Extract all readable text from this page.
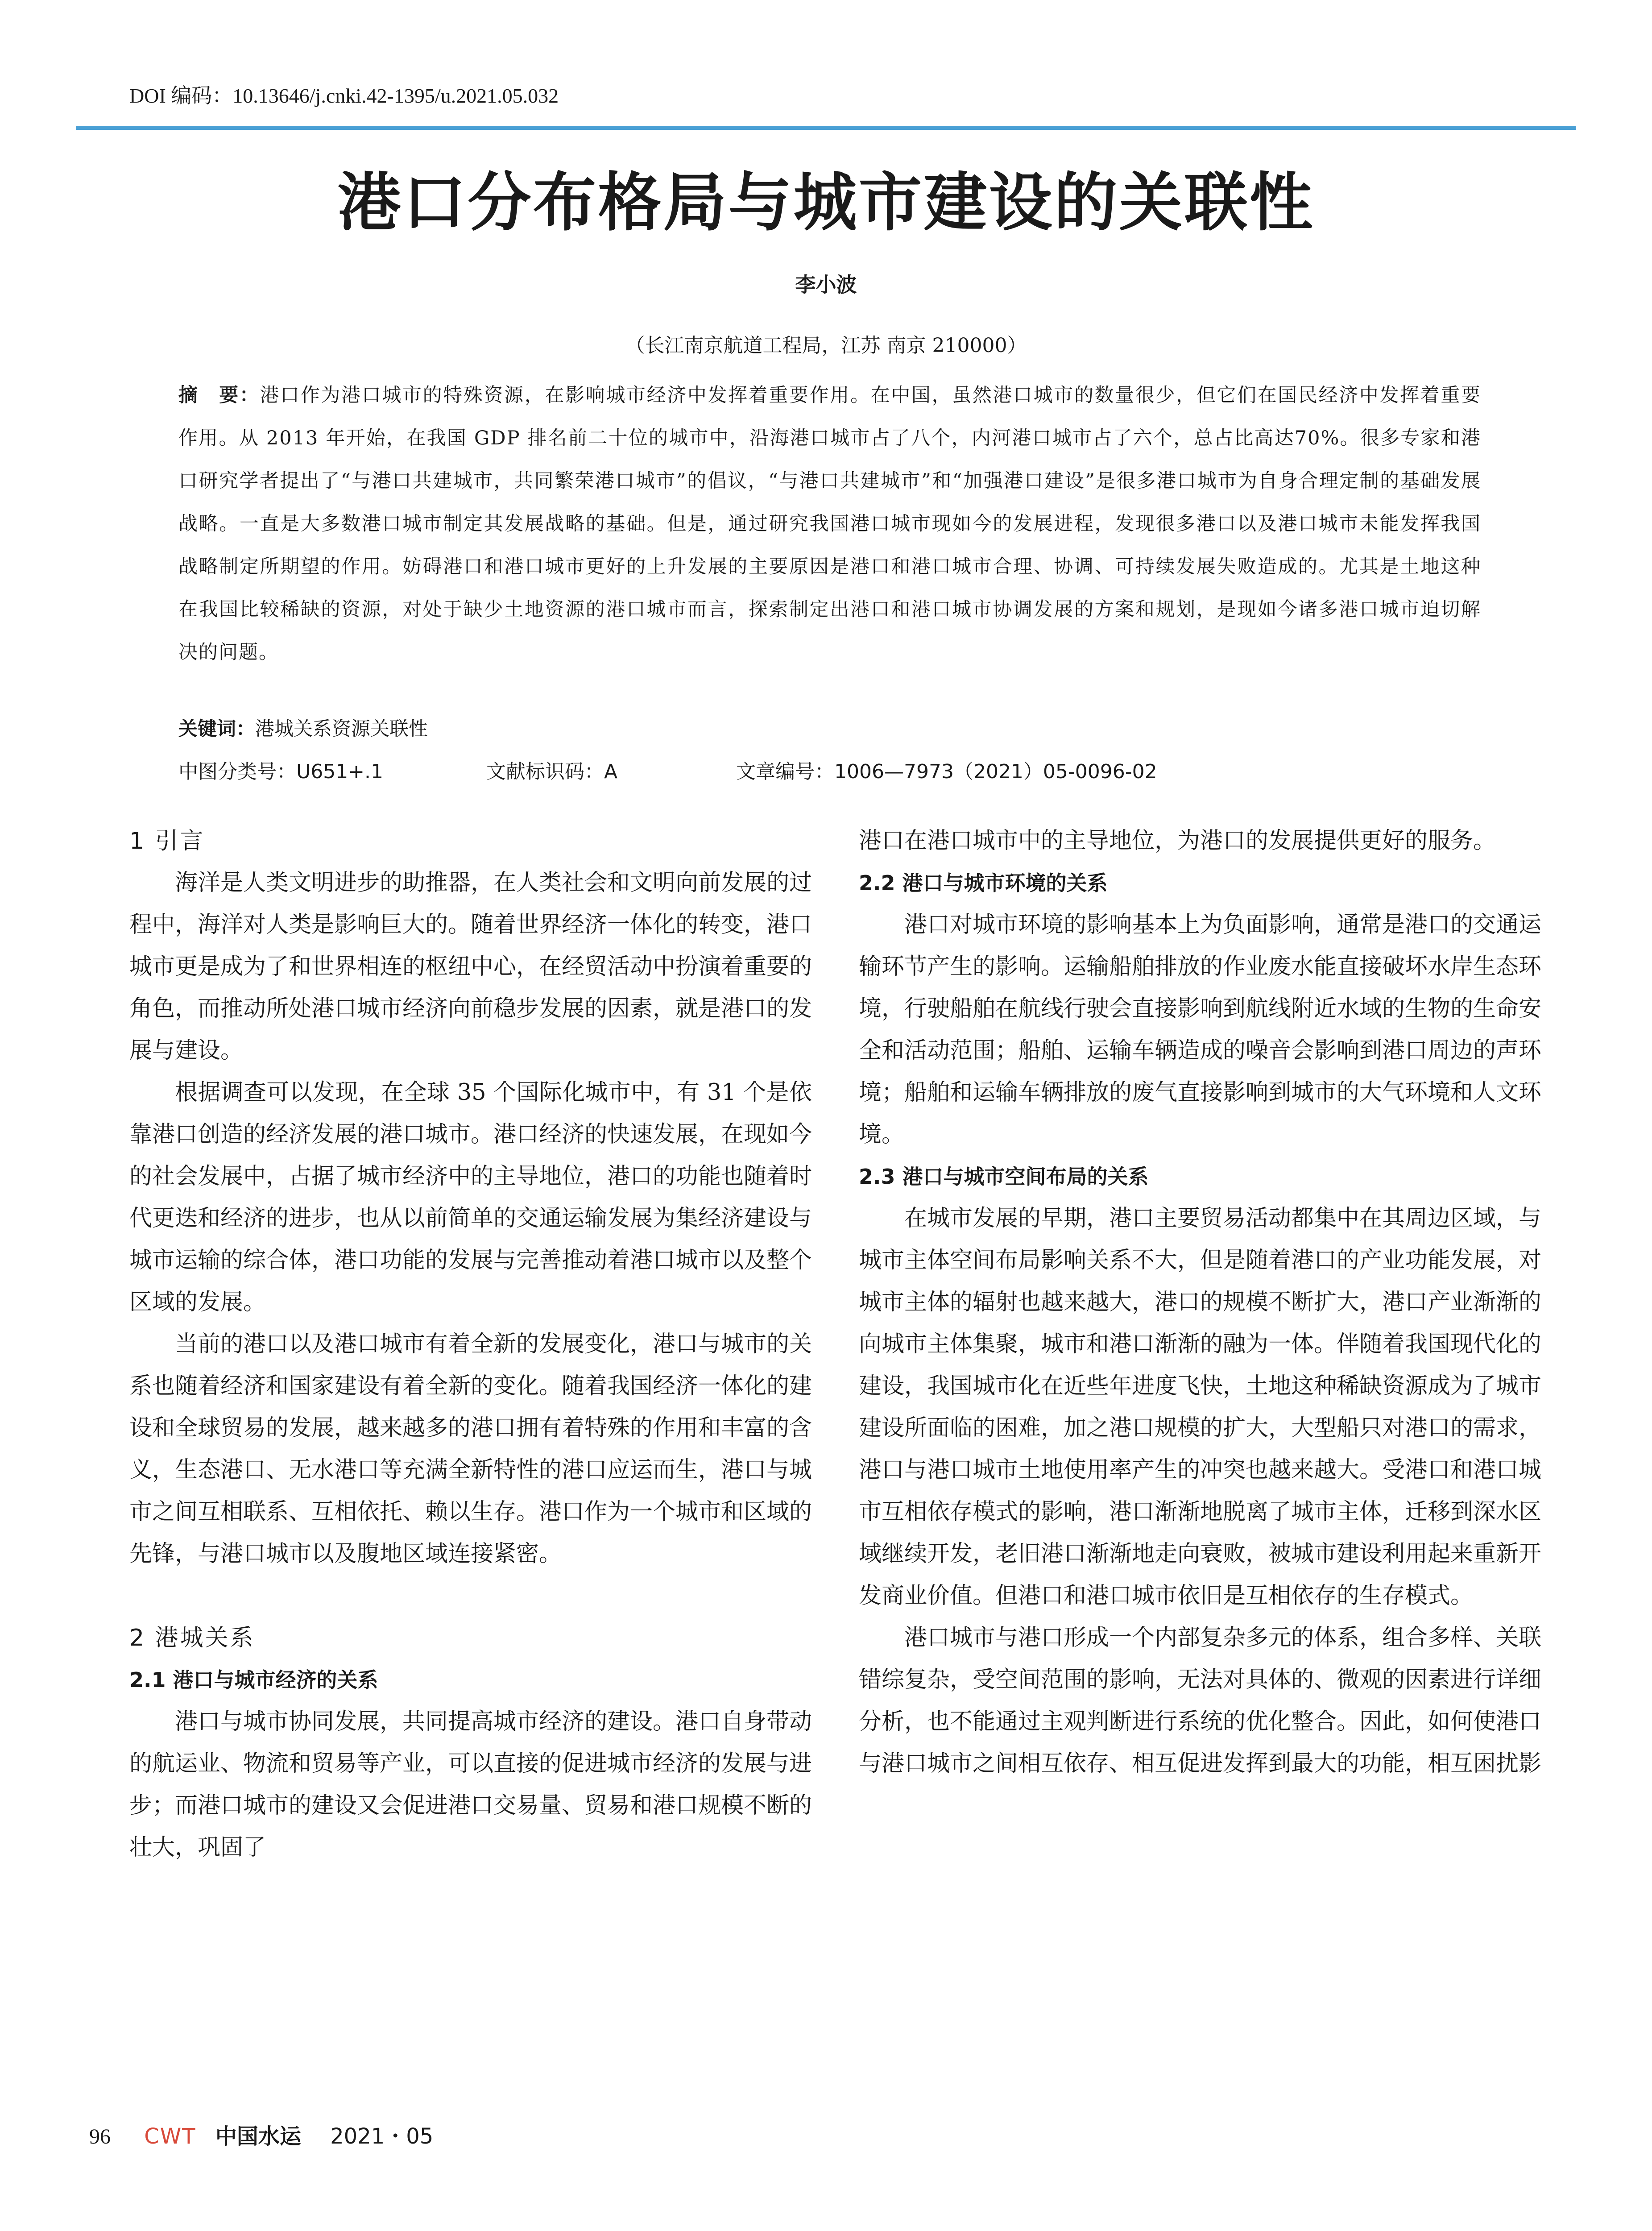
DOI 编码：10.13646/j.cnki.42-1395/u.2021.05.032
港口分布格局与城市建设的关联性
李小波
（长江南京航道工程局，江苏 南京 210000）
摘　要：港口作为港口城市的特殊资源，在影响城市经济中发挥着重要作用。在中国，虽然港口城市的数量很少，但它们在国民经济中发挥着重要作用。从 2013 年开始，在我国 GDP 排名前二十位的城市中，沿海港口城市占了八个，内河港口城市占了六个，总占比高达70%。很多专家和港口研究学者提出了“与港口共建城市，共同繁荣港口城市”的倡议，“与港口共建城市”和“加强港口建设”是很多港口城市为自身合理定制的基础发展战略。一直是大多数港口城市制定其发展战略的基础。但是，通过研究我国港口城市现如今的发展进程，发现很多港口以及港口城市未能发挥我国战略制定所期望的作用。妨碍港口和港口城市更好的上升发展的主要原因是港口和港口城市合理、协调、可持续发展失败造成的。尤其是土地这种在我国比较稀缺的资源，对处于缺少土地资源的港口城市而言，探索制定出港口和港口城市协调发展的方案和规划，是现如今诸多港口城市迫切解决的问题。
关键词：港城关系资源关联性
中图分类号：U651+.1	文献标识码：A	文章编号：1006—7973（2021）05-0096-02
1 引言

海洋是人类文明进步的助推器，在人类社会和文明向前发展的过程中，海洋对人类是影响巨大的。随着世界经济一体化的转变，港口城市更是成为了和世界相连的枢纽中心，在经贸活动中扮演着重要的角色，而推动所处港口城市经济向前稳步发展的因素，就是港口的发展与建设。

根据调查可以发现，在全球 35 个国际化城市中，有 31 个是依靠港口创造的经济发展的港口城市。港口经济的快速发展，在现如今的社会发展中，占据了城市经济中的主导地位，港口的功能也随着时代更迭和经济的进步，也从以前简单的交通运输发展为集经济建设与城市运输的综合体，港口功能的发展与完善推动着港口城市以及整个区域的发展。

当前的港口以及港口城市有着全新的发展变化，港口与城市的关系也随着经济和国家建设有着全新的变化。随着我国经济一体化的建设和全球贸易的发展，越来越多的港口拥有着特殊的作用和丰富的含义，生态港口、无水港口等充满全新特性的港口应运而生，港口与城市之间互相联系、互相依托、赖以生存。港口作为一个城市和区域的先锋，与港口城市以及腹地区域连接紧密。

2 港城关系
2.1 港口与城市经济的关系

港口与城市协同发展，共同提高城市经济的建设。港口自身带动的航运业、物流和贸易等产业，可以直接的促进城市经济的发展与进步；而港口城市的建设又会促进港口交易量、贸易和港口规模不断的壮大，巩固了

港口在港口城市中的主导地位，为港口的发展提供更好的服务。

2.2 港口与城市环境的关系

港口对城市环境的影响基本上为负面影响，通常是港口的交通运输环节产生的影响。运输船舶排放的作业废水能直接破坏水岸生态环境，行驶船舶在航线行驶会直接影响到航线附近水域的生物的生命安全和活动范围；船舶、运输车辆造成的噪音会影响到港口周边的声环境；船舶和运输车辆排放的废气直接影响到城市的大气环境和人文环境。

2.3 港口与城市空间布局的关系

在城市发展的早期，港口主要贸易活动都集中在其周边区域，与城市主体空间布局影响关系不大，但是随着港口的产业功能发展，对城市主体的辐射也越来越大，港口的规模不断扩大，港口产业渐渐的向城市主体集聚，城市和港口渐渐的融为一体。伴随着我国现代化的建设，我国城市化在近些年进度飞快，土地这种稀缺资源成为了城市建设所面临的困难，加之港口规模的扩大，大型船只对港口的需求，港口与港口城市土地使用率产生的冲突也越来越大。受港口和港口城市互相依存模式的影响，港口渐渐地脱离了城市主体，迁移到深水区域继续开发，老旧港口渐渐地走向衰败，被城市建设利用起来重新开发商业价值。但港口和港口城市依旧是互相依存的生存模式。

港口城市与港口形成一个内部复杂多元的体系，组合多样、关联错综复杂，受空间范围的影响，无法对具体的、微观的因素进行详细分析，也不能通过主观判断进行系统的优化整合。因此，如何使港口与港口城市之间相互依存、相互促进发挥到最大的功能，相互困扰影

96 CWT 中国水运 2021・05
